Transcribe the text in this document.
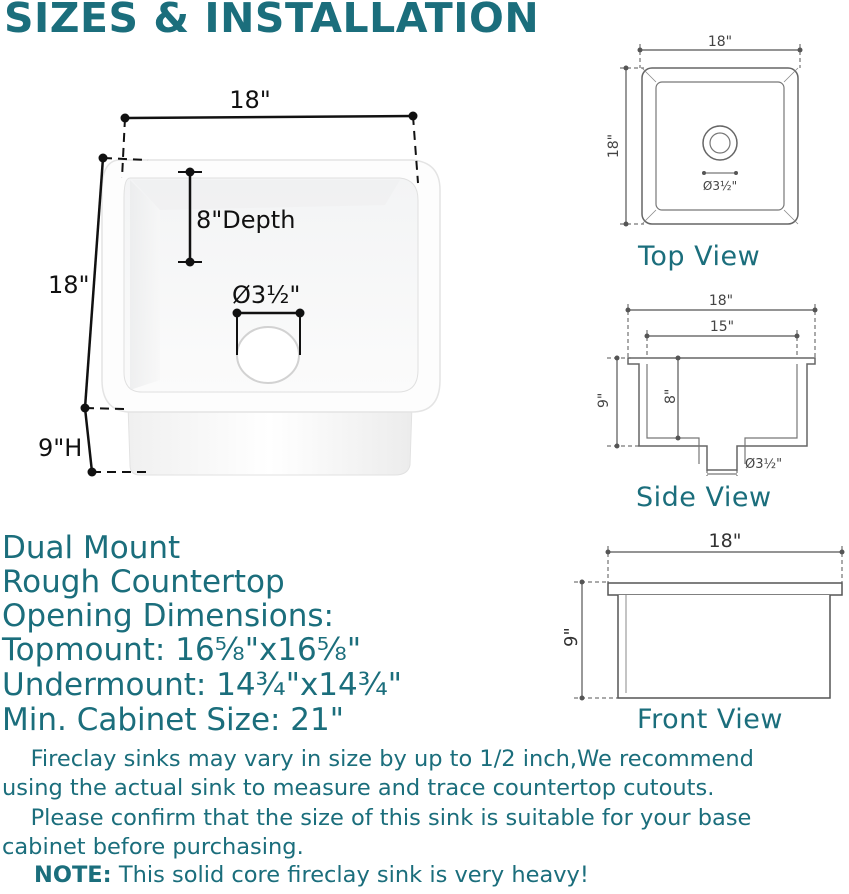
SIZES & INSTALLATION
18"
18"
9"H
8"Depth
Ø3½"
18"
18"
Ø3½"
Top View
18"
15"
9"	8"
Ø3½"
Side View
18"
9"
Front View
Dual Mount
Rough Countertop
Opening Dimensions:
Topmount: 16⅝"x16⅝"
Undermount: 14¾"x14¾"
Min. Cabinet Size: 21"
Fireclay sinks may vary in size by up to 1/2 inch,We recommend
using the actual sink to measure and trace countertop cutouts.
Please confirm that the size of this sink is suitable for your base
cabinet before purchasing.
NOTE: This solid core fireclay sink is very heavy!
